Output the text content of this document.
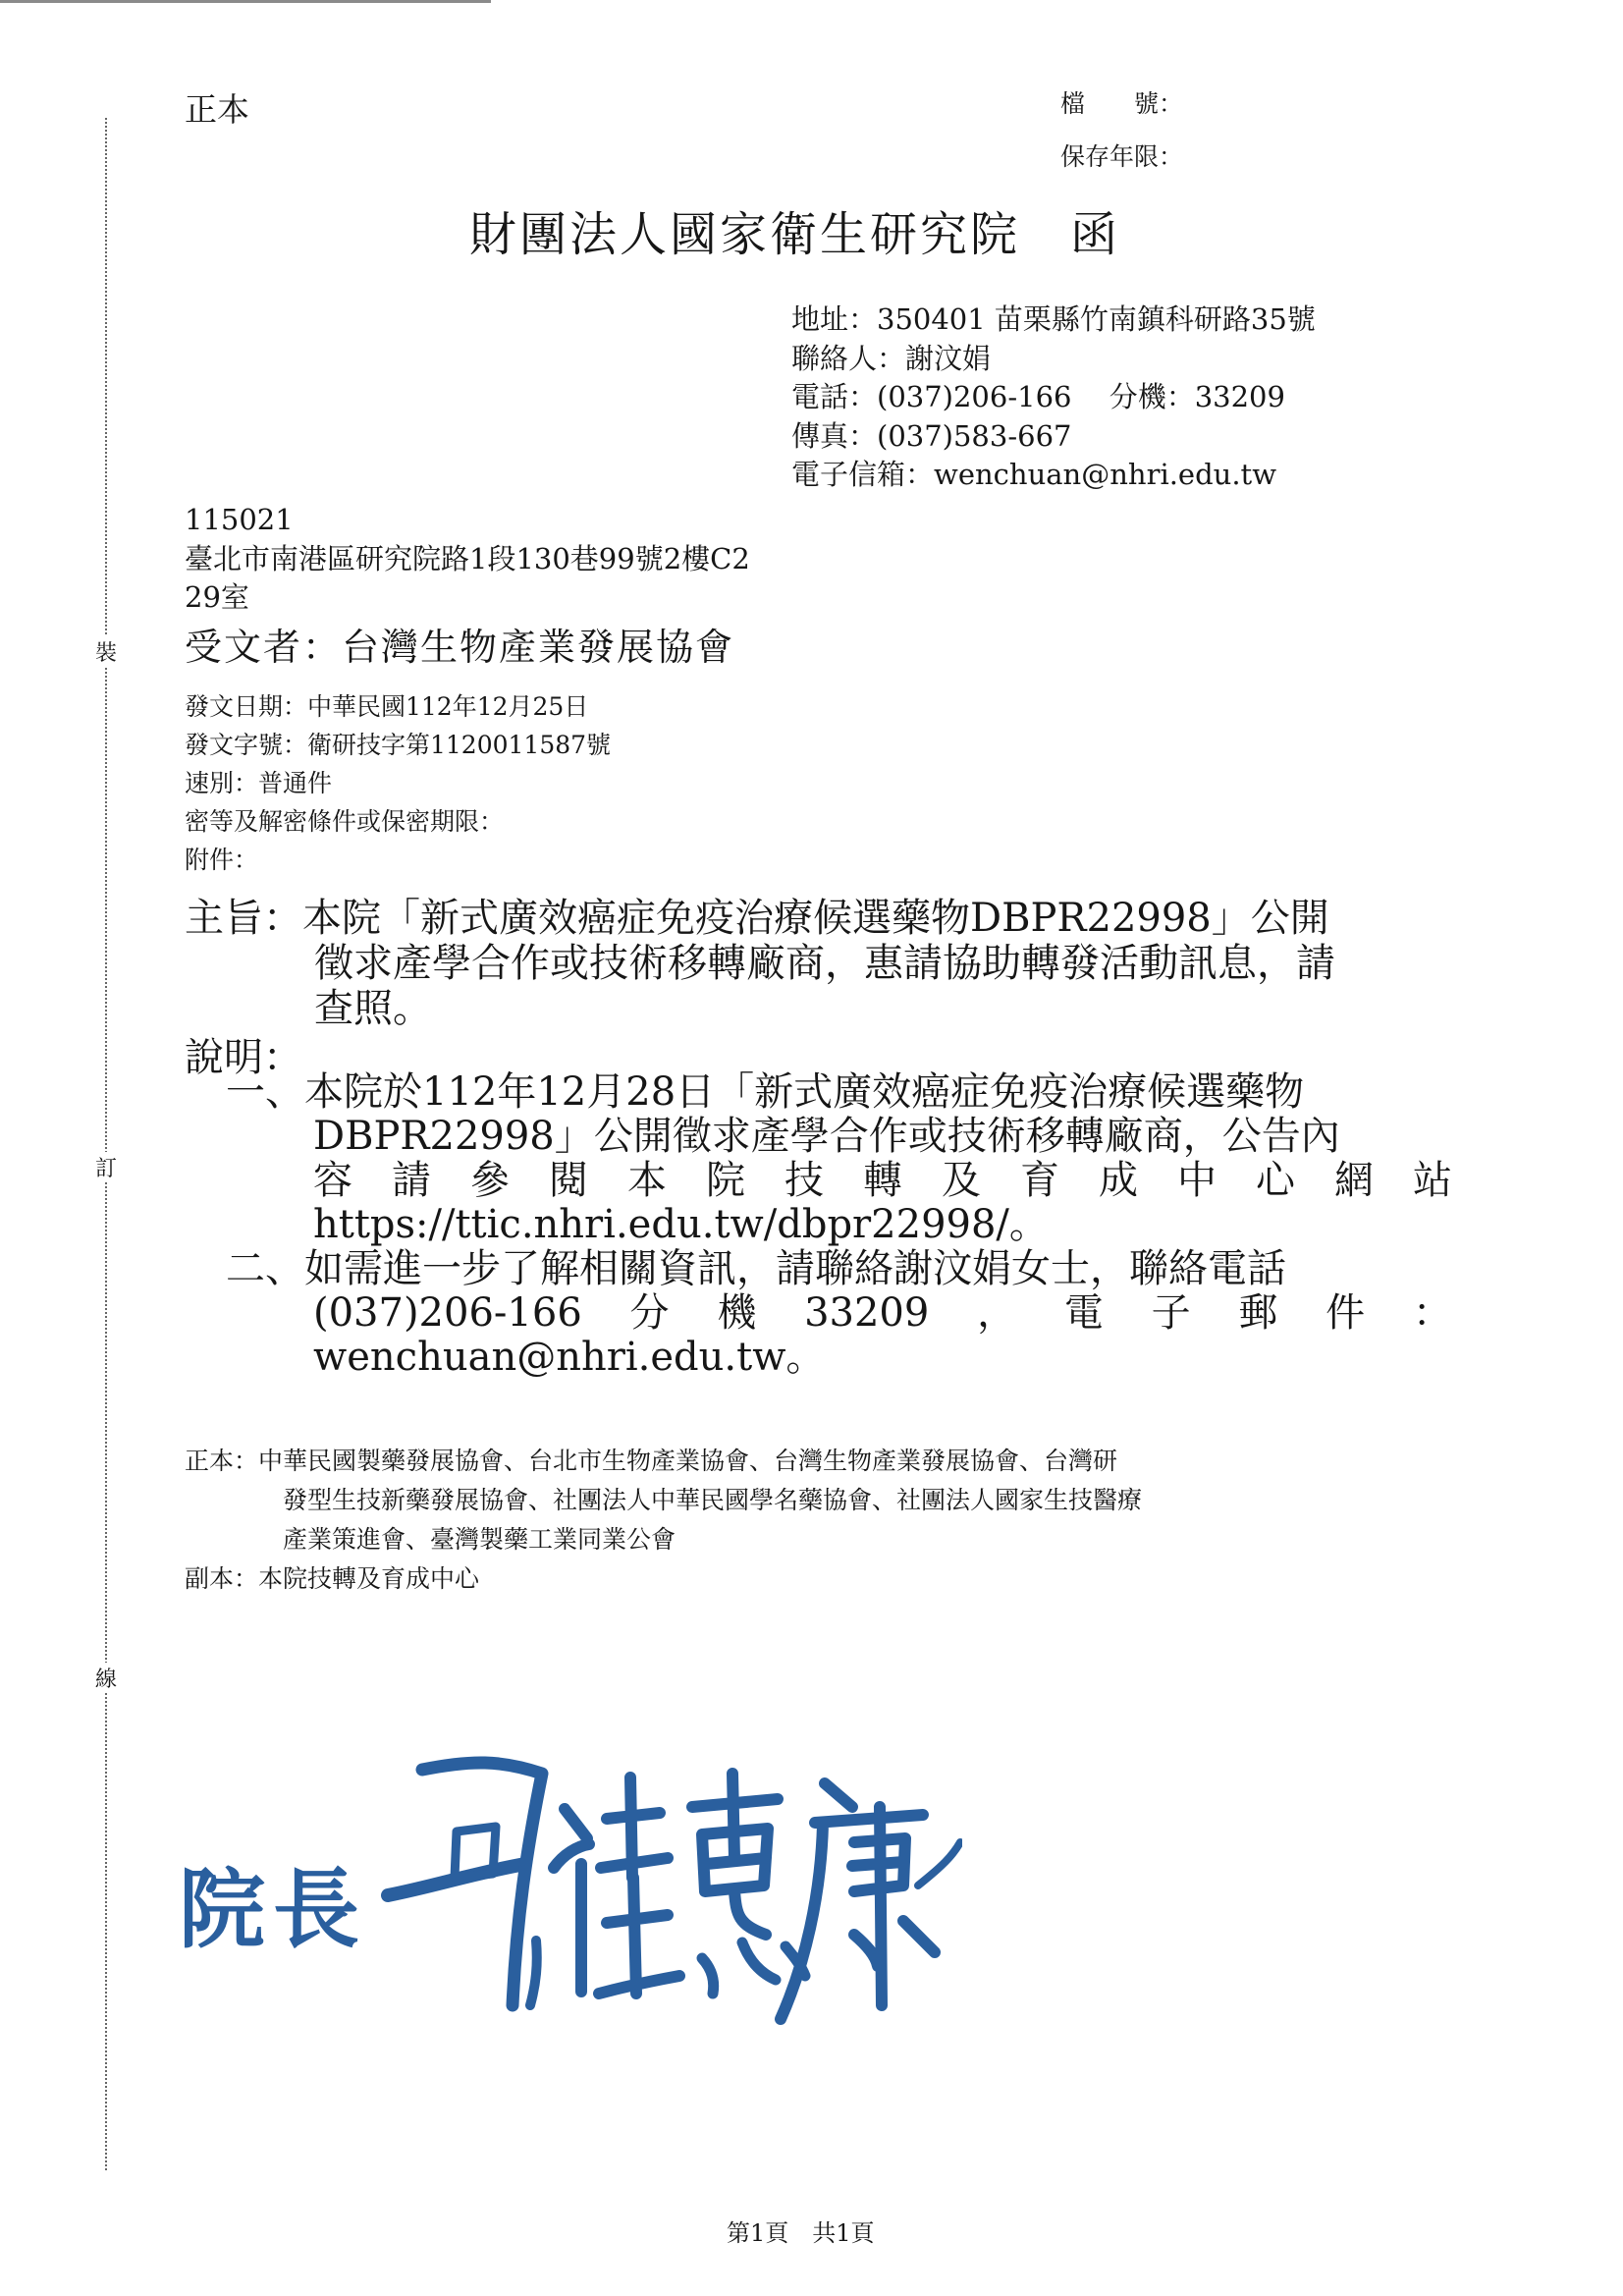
裝
訂
線
正本	檔　　號：
保存年限：
財團法人國家衛生研究院　函
地址：350401 苗栗縣竹南鎮科研路35號
聯絡人：謝汶娟
電話：(037)206-166　 分機：33209
傳真：(037)583-667
電子信箱：wenchuan@nhri.edu.tw
115021
臺北市南港區研究院路1段130巷99號2樓C2
29室
受文者：台灣生物產業發展協會
發文日期：中華民國112年12月25日
發文字號：衛研技字第1120011587號
速別：普通件
密等及解密條件或保密期限：
附件：
主旨：本院「新式廣效癌症免疫治療候選藥物DBPR22998」公開
徵求產學合作或技術移轉廠商，惠請協助轉發活動訊息，請
查照。
說明：
一、本院於112年12月28日「新式廣效癌症免疫治療候選藥物
DBPR22998」公開徵求產學合作或技術移轉廠商，公告內
容 請 參 閱 本 院 技 轉 及 育 成 中 心 網 站
https://ttic.nhri.edu.tw/dbpr22998/。
二、如需進一步了解相關資訊，請聯絡謝汶娟女士，聯絡電話
(037)206-166 分 機 33209 ， 電 子 郵 件 ：
wenchuan@nhri.edu.tw。
正本：中華民國製藥發展協會、台北市生物產業協會、台灣生物產業發展協會、台灣研
發型生技新藥發展協會、社團法人中華民國學名藥協會、社團法人國家生技醫療
產業策進會、臺灣製藥工業同業公會
副本：本院技轉及育成中心
院長
第1頁　共1頁
